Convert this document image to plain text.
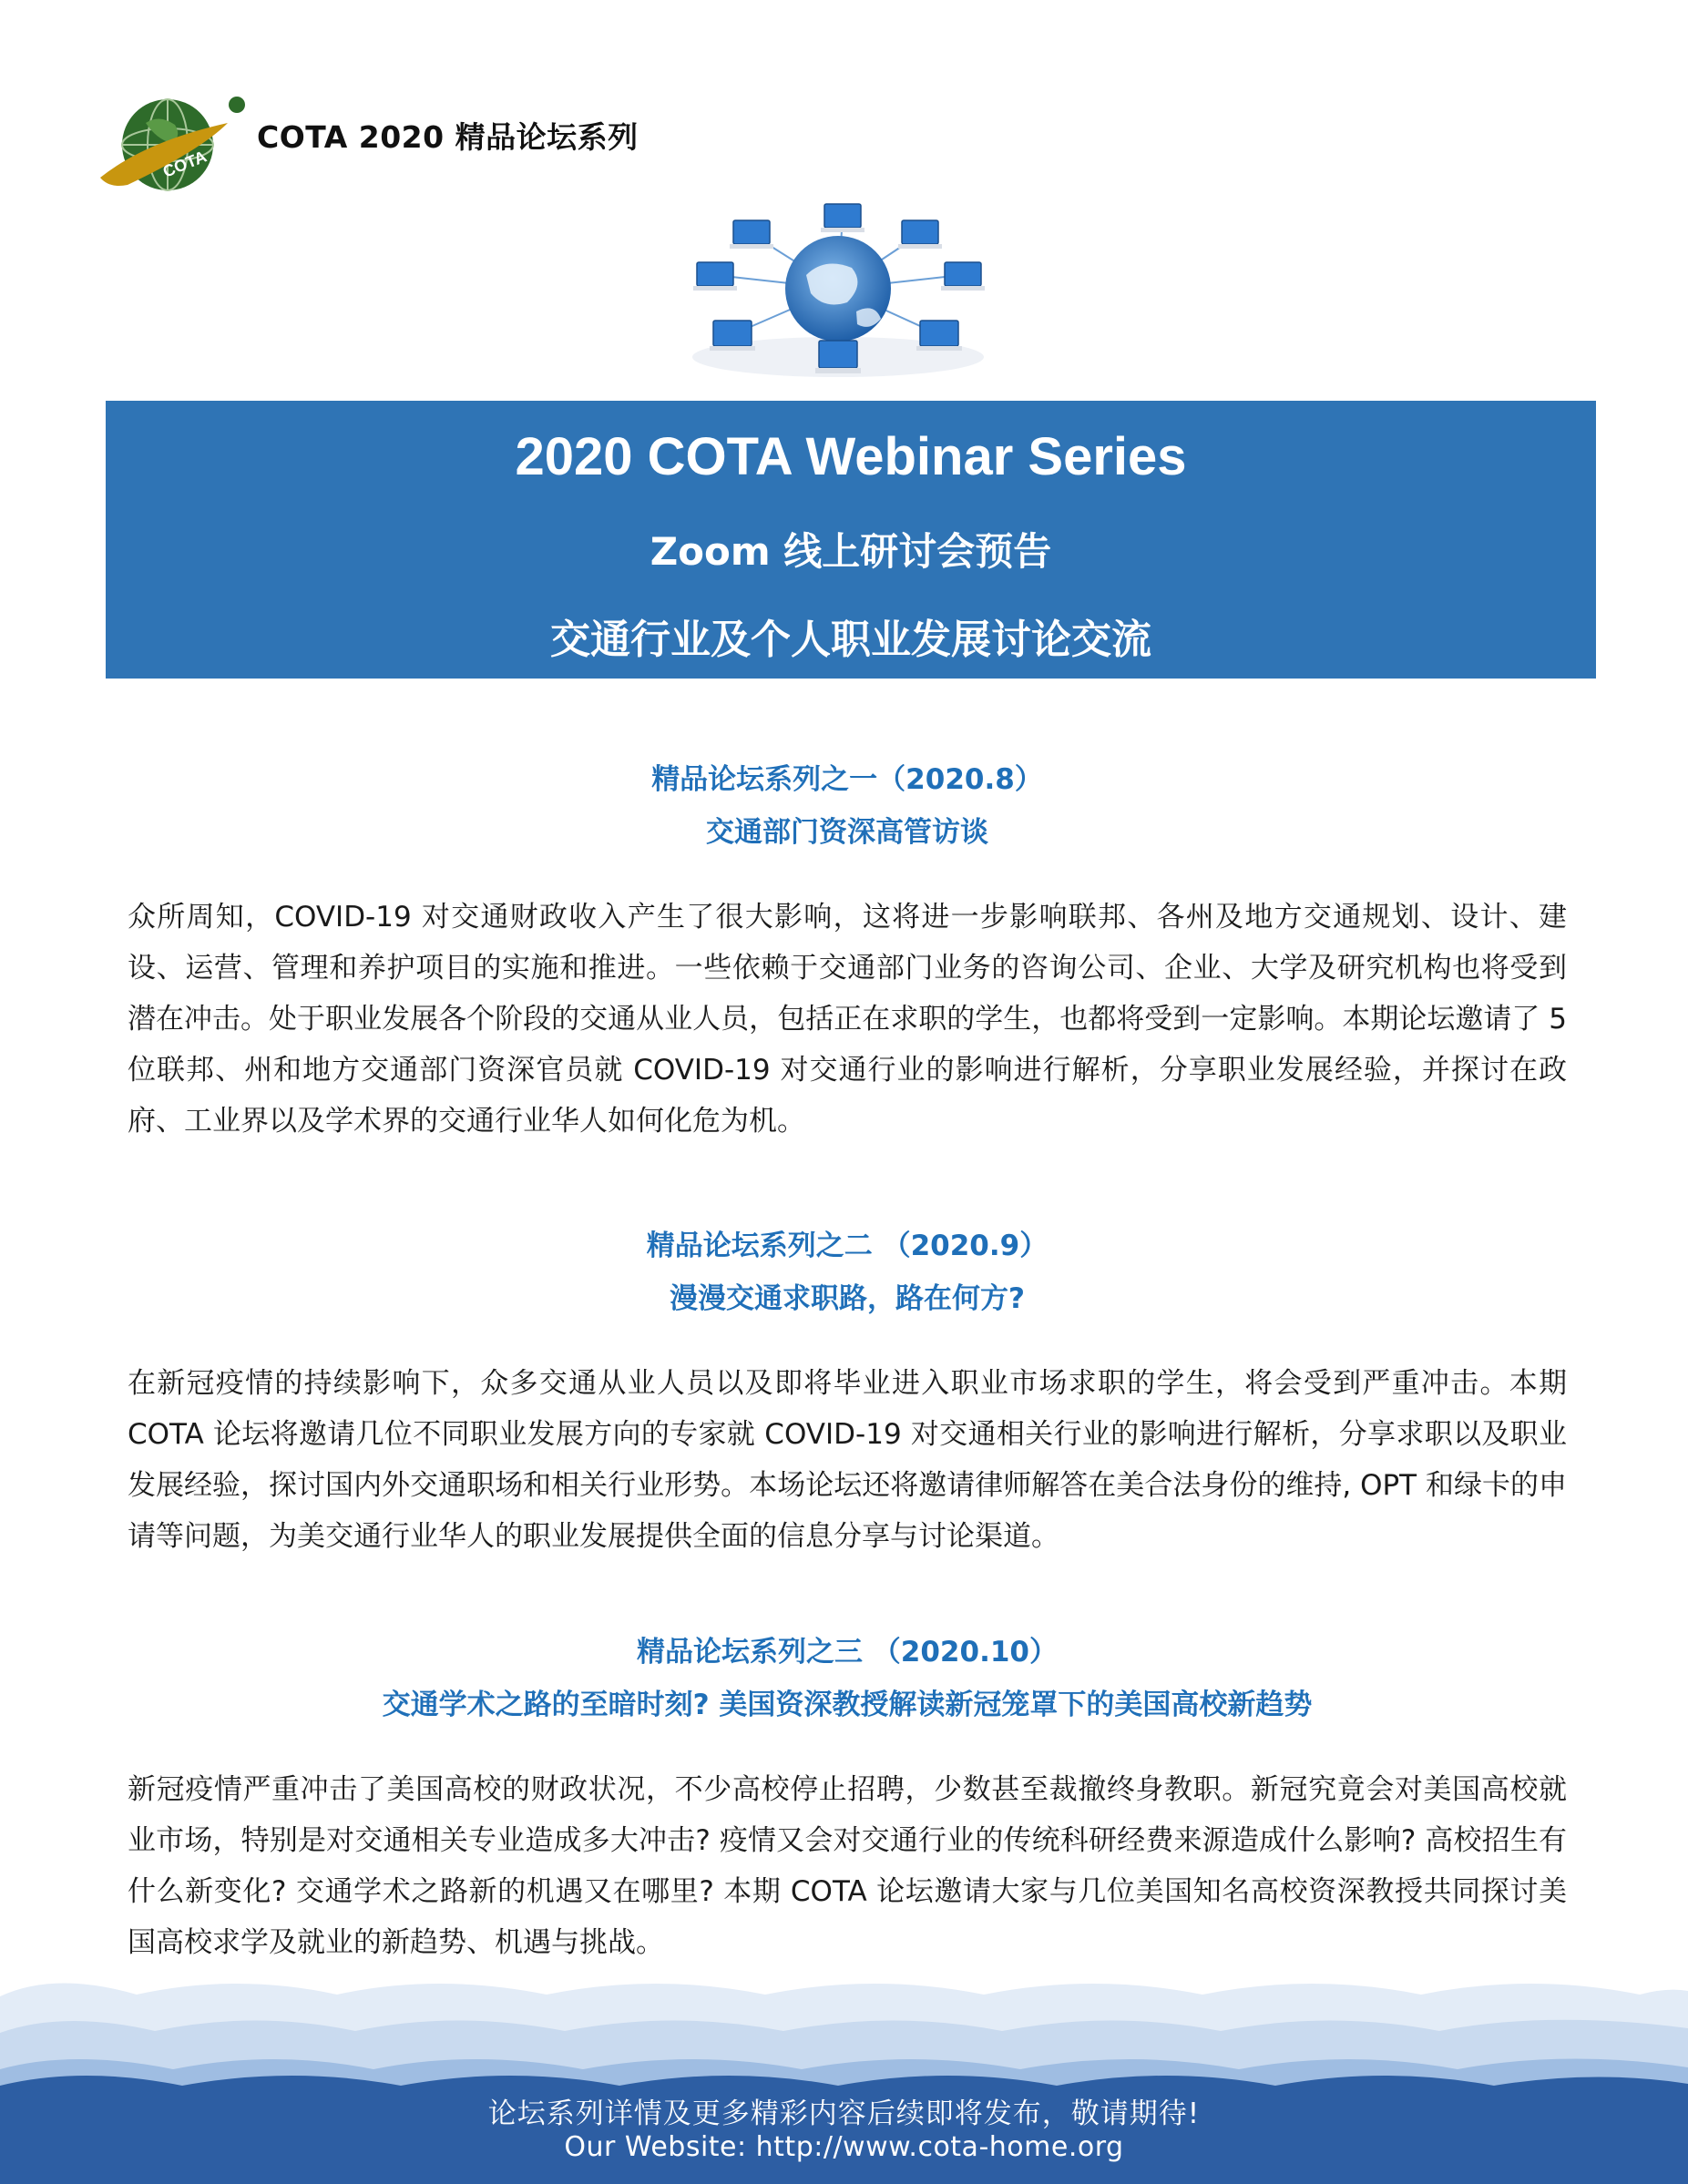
COTA
COTA 2020 精品论坛系列
2020 COTA Webinar Series
Zoom 线上研讨会预告
交通行业及个人职业发展讨论交流

精品论坛系列之一（2020.8）

交通部门资深高管访谈

众所周知，COVID-19 对交通财政收入产生了很大影响，这将进一步影响联邦、各州及地方交通规划、设计、建设、运营、管理和养护项目的实施和推进。一些依赖于交通部门业务的咨询公司、企业、大学及研究机构也将受到潜在冲击。处于职业发展各个阶段的交通从业人员，包括正在求职的学生，也都将受到一定影响。本期论坛邀请了 5 位联邦、州和地方交通部门资深官员就 COVID-19 对交通行业的影响进行解析，分享职业发展经验，并探讨在政府、工业界以及学术界的交通行业华人如何化危为机。

精品论坛系列之二 （2020.9）

漫漫交通求职路，路在何方?

在新冠疫情的持续影响下，众多交通从业人员以及即将毕业进入职业市场求职的学生，将会受到严重冲击。本期 COTA 论坛将邀请几位不同职业发展方向的专家就 COVID-19 对交通相关行业的影响进行解析，分享求职以及职业发展经验，探讨国内外交通职场和相关行业形势。本场论坛还将邀请律师解答在美合法身份的维持, OPT 和绿卡的申请等问题，为美交通行业华人的职业发展提供全面的信息分享与讨论渠道。

精品论坛系列之三 （2020.10）

交通学术之路的至暗时刻? 美国资深教授解读新冠笼罩下的美国高校新趋势

新冠疫情严重冲击了美国高校的财政状况，不少高校停止招聘，少数甚至裁撤终身教职。新冠究竟会对美国高校就业市场，特别是对交通相关专业造成多大冲击? 疫情又会对交通行业的传统科研经费来源造成什么影响? 高校招生有什么新变化? 交通学术之路新的机遇又在哪里? 本期 COTA 论坛邀请大家与几位美国知名高校资深教授共同探讨美国高校求学及就业的新趋势、机遇与挑战。
论坛系列详情及更多精彩内容后续即将发布，敬请期待!
Our Website: http://www.cota-home.org
